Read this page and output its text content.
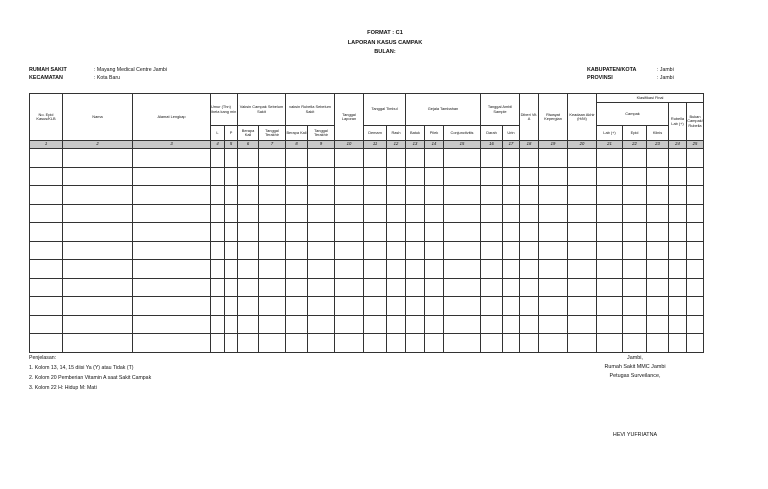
FORMAT : C1
LAPORAN KASUS CAMPAK
BULAN:
RUMAH SAKIT	: Mayang Medical Centre Jambi
KECAMATAN	: Kota Baru
KABUPATEN/KOTA	: Jambi
PROVINSI	: Jambi
No. Epid Kasus/KLB	Nama	Alamat Lengkap	Umur (Thn) /bela kang min		Vaksin Campak Sebelum Sakit		vaksin Rubella Sebelum Sakit		Tanggal Laporan	Tanggal Timbul		Gejala Tambahan			Tanggal Ambil Sample		Diberi Vit. A	Riwayat Kepergian	Keadaan Akhir (H/M)	Klasifikasi Final				
																				Campak			Rubella Lab (+)	Bukan Campak/ Rubella
			L	P	Berapa Kali	Tanggal Terakhir	Berapa Kali	Tanggal Terakhir		Demam	Rash	Batuk	Pilek	Conjunctivitis	Darah	Urin				Lab (+)	Epid	Klinis		
1	2	3	4	5	6	7	8	9	10	11	12	13	14	15	16	17	18	19	20	21	22	23	24	25

Penjelasan:
1. Kolom 13, 14, 15 diisi Ya (Y) atau Tidak (T)
2. Kolom 20 Pemberian Vitamin A saat Sakit Campak
3. Kolom 22 H: Hidup M: Mati
Jambi,
Rumah Sakit MMC Jambi
Petugas Surveilance,
HEVI YUFRIATNA
